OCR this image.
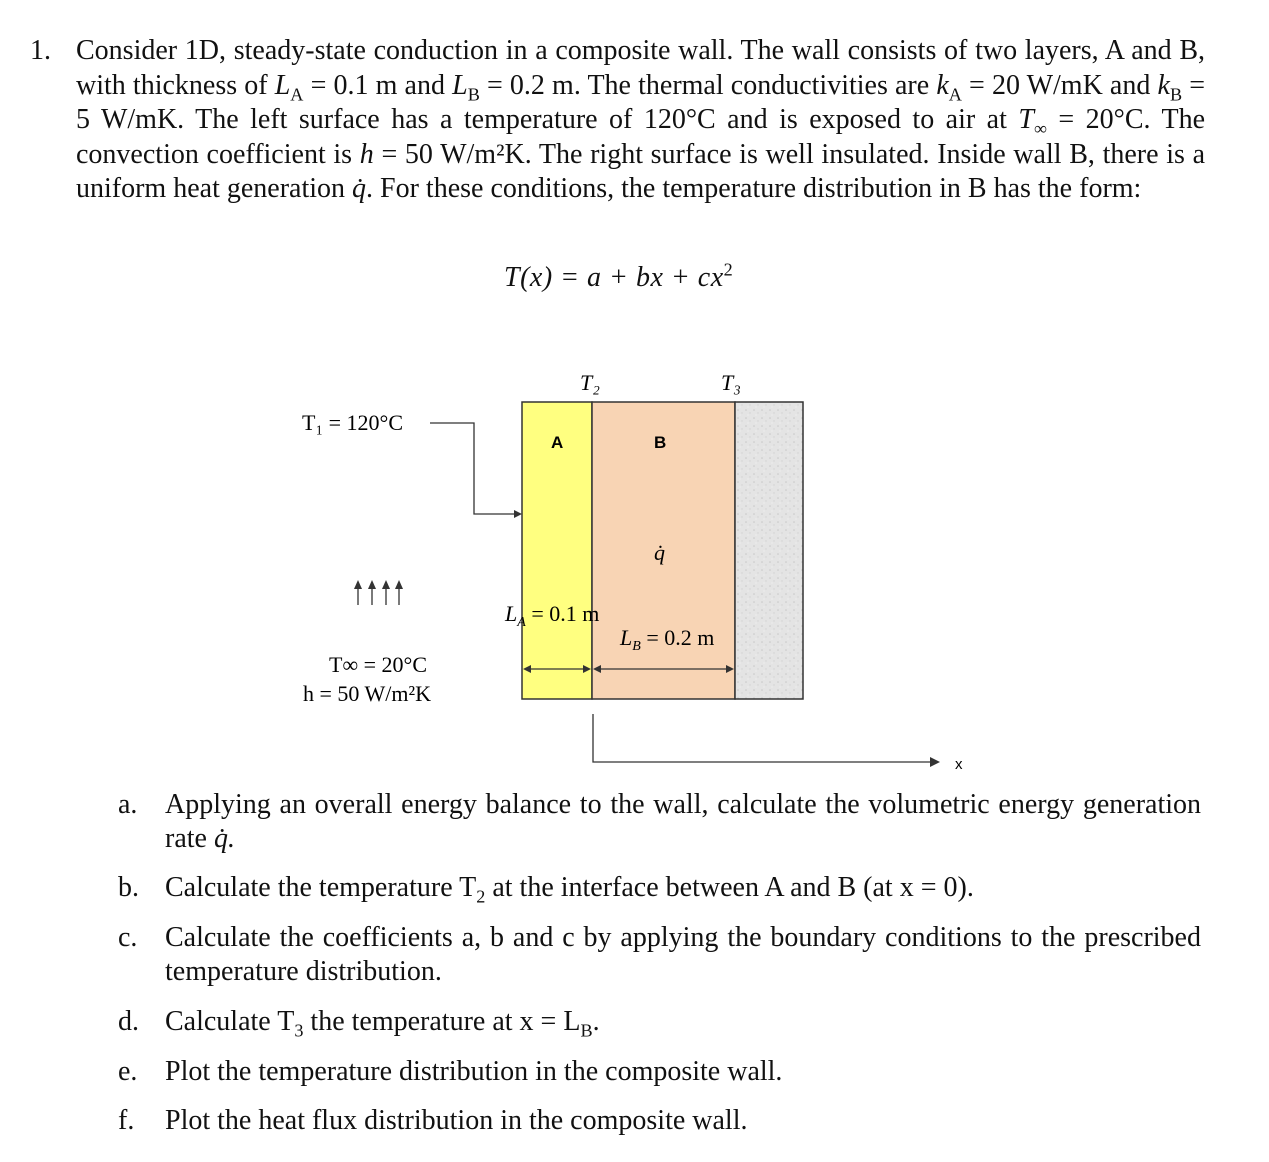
1. Consider 1D, steady-state conduction in a composite wall. The wall consists of two layers, A and B, with thickness of $L_A = 0.1$ m and $L_B = 0.2$ m. The thermal conductivities are $k_A = 20$ W/mK and $k_B = 5$ W/mK. The left surface has a temperature of 120°C and is exposed to air at $T_\infty = 20^\circ C$. The convection coefficient is h = 50 W/m²K. The right surface is well insulated. Inside wall B, there is a uniform heat generation q̇. For these conditions, the temperature distribution in B has the form:
T(x) = a + bx + $cx^2$
T₂	T₃
T₁ = 120°C
A	B
q̇
$L_A = 0.1$ m
$L_B = 0.2$ m
T∞ = 20°C
h = 50 W/m²K
x
a. Applying an overall energy balance to the wall, calculate the volumetric energy generation rate q̇.
b. Calculate the temperature $T_2$ at the interface between A and B (at x = 0).
c. Calculate the coefficients a, b and c by applying the boundary conditions to the prescribed temperature distribution.
d. Calculate $T_3$ the temperature at $x = L_B$.
e. Plot the temperature distribution in the composite wall.
f. Plot the heat flux distribution in the composite wall.
